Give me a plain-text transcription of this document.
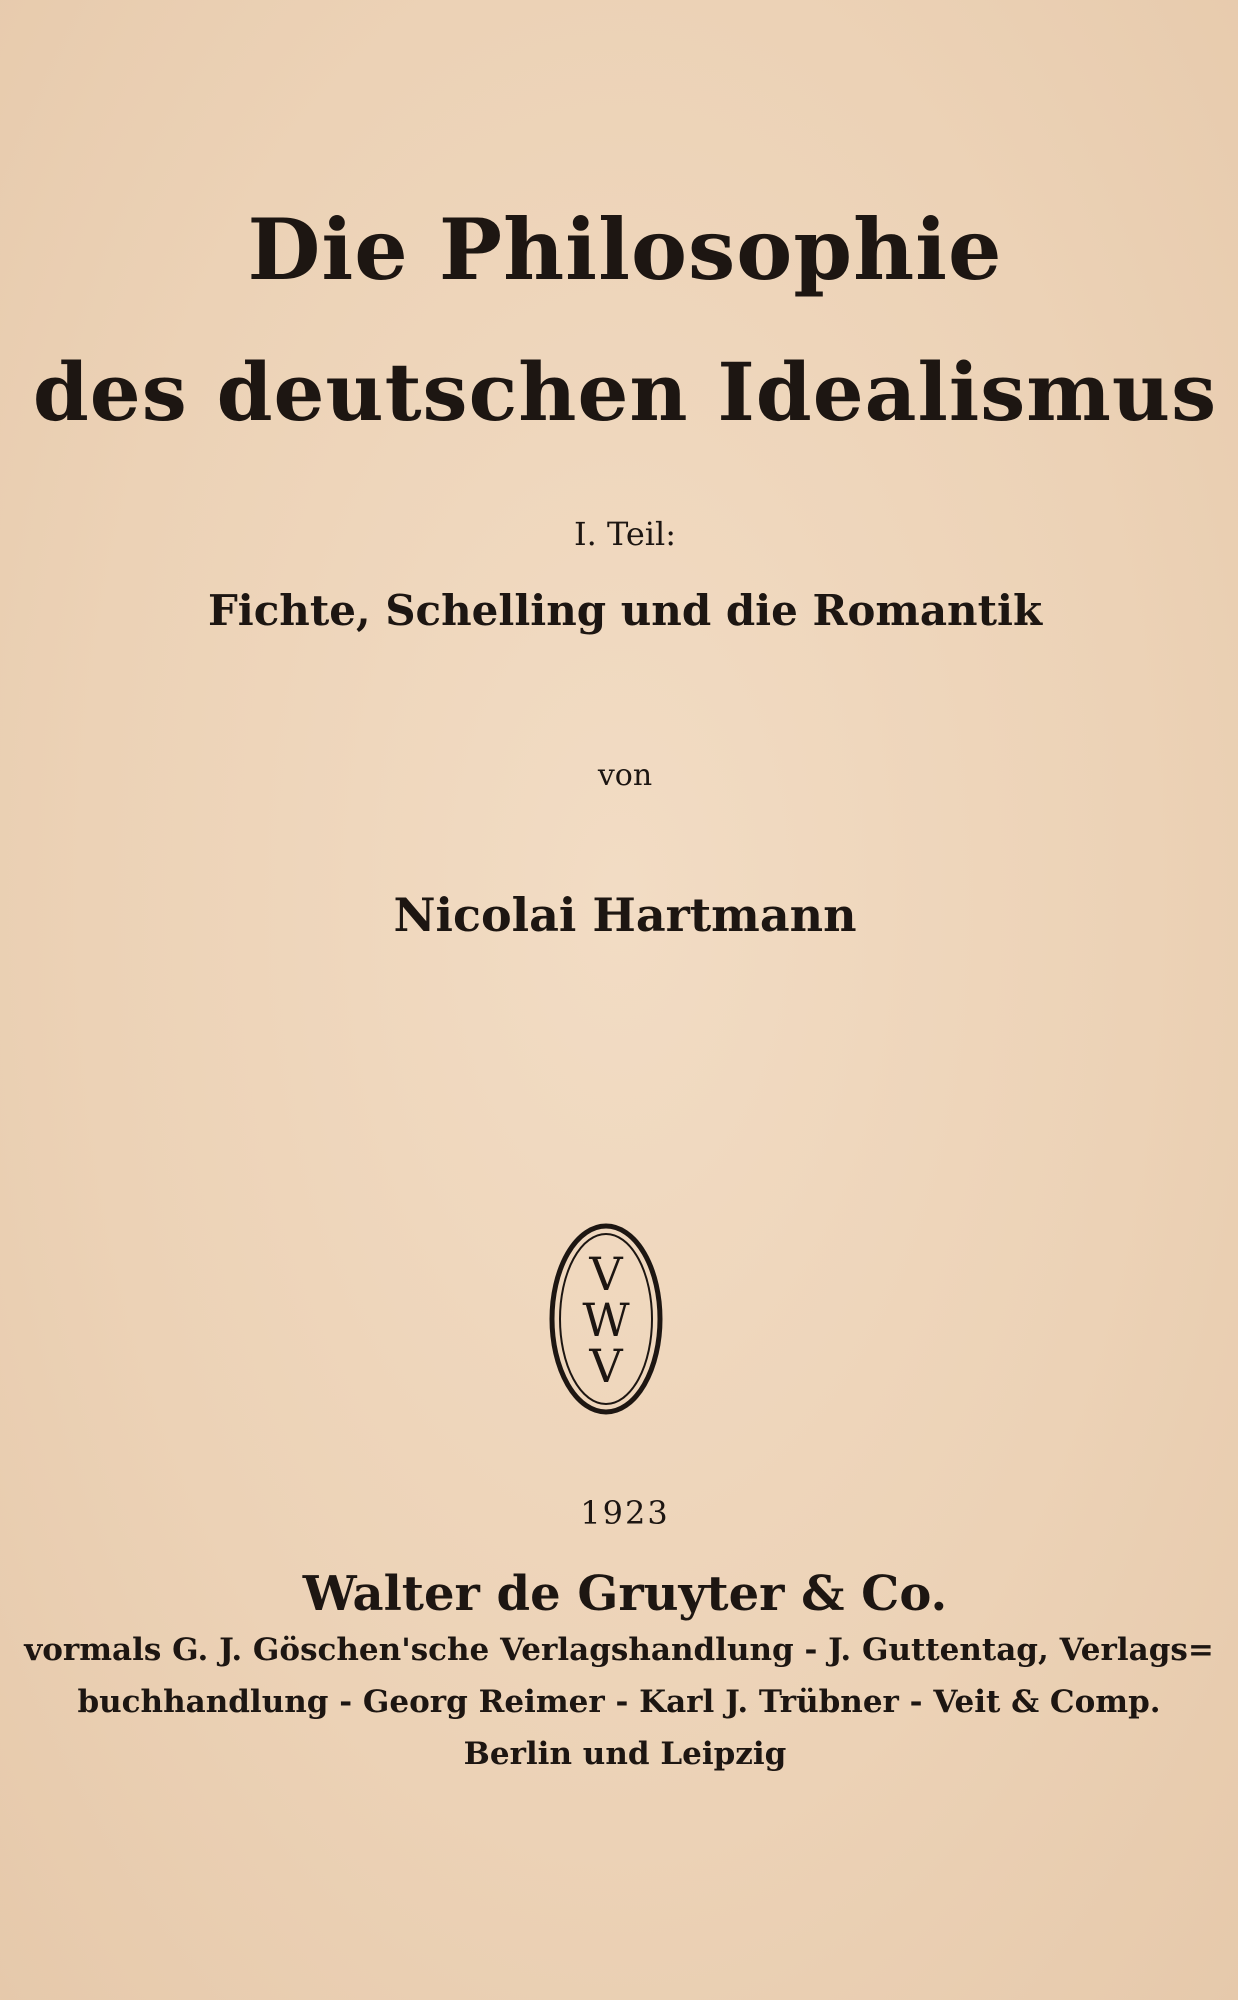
Die Philosophie
des deutschen Idealismus
I. Teil:
Fichte, Schelling und die Romantik
von
Nicolai Hartmann
V
W
V
1923
Walter de Gruyter & Co.
vormals G. J. Göschen'sche Verlagshandlung - J. Guttentag, Verlags=
buchhandlung - Georg Reimer - Karl J. Trübner - Veit & Comp.
Berlin und Leipzig
